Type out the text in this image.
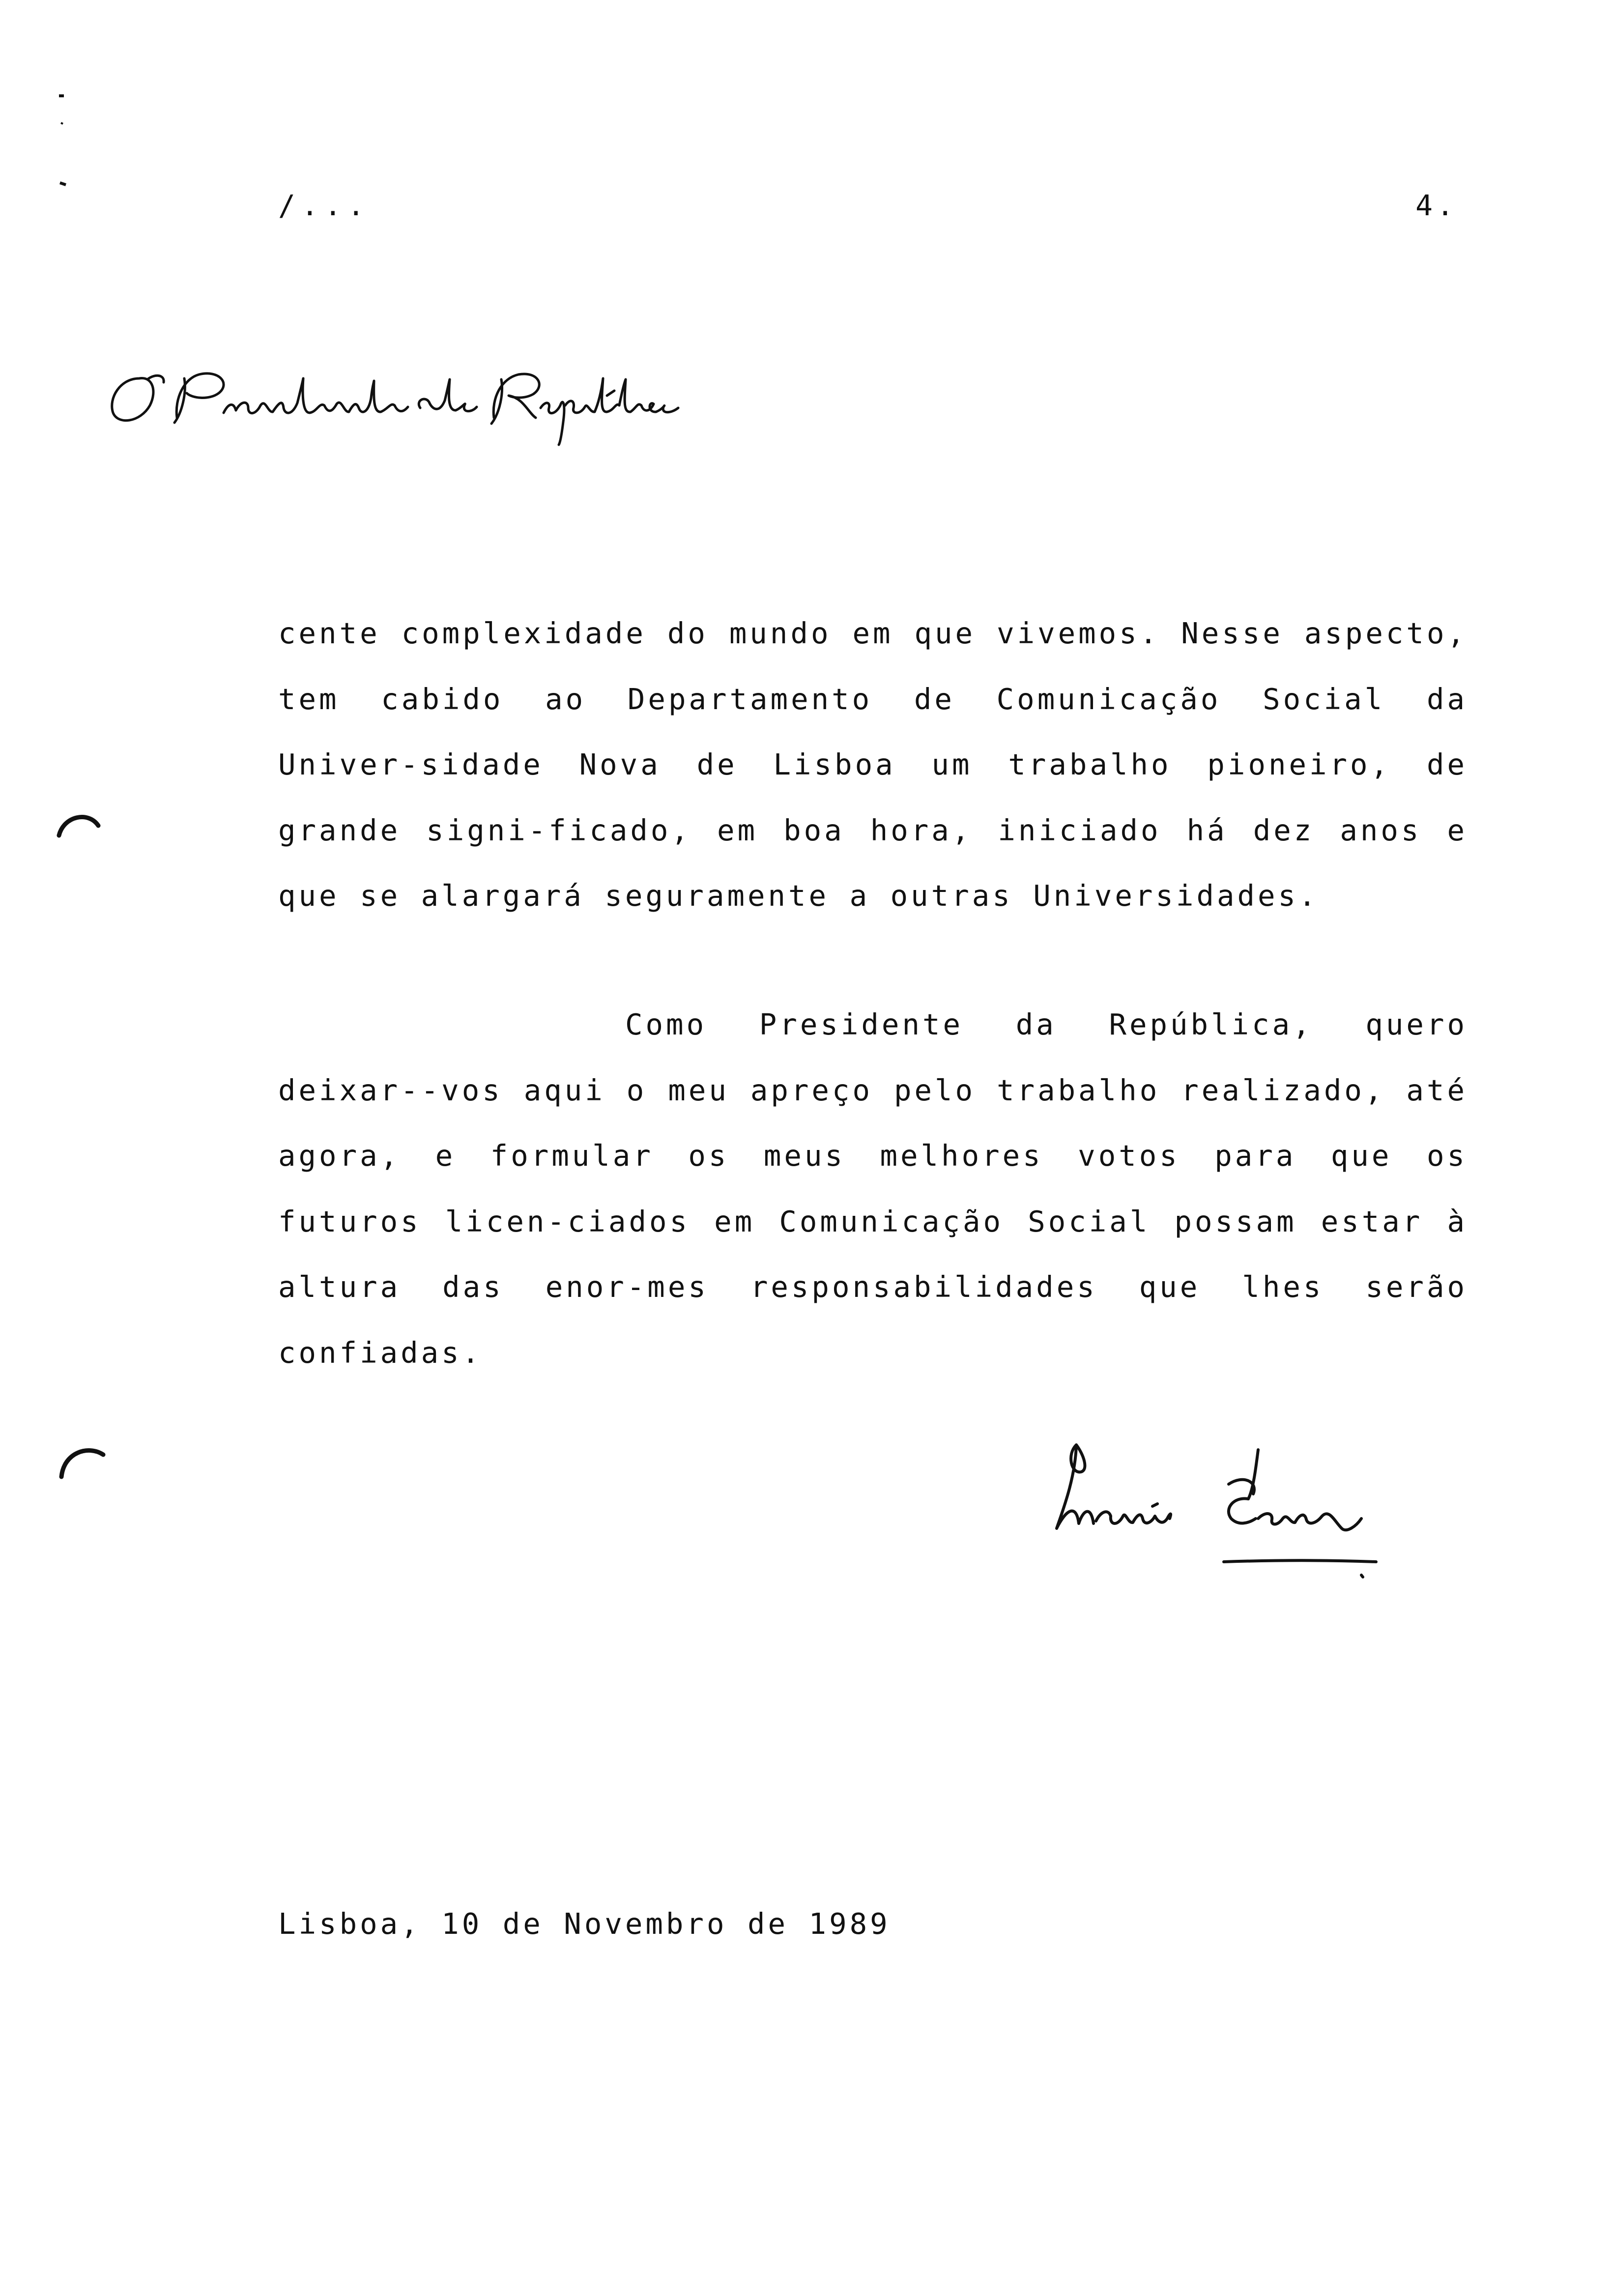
/...	4.

cente complexidade do mundo em que vivemos. Nesse aspecto, tem cabido ao Departamento de Comunicação Social da Univer-sidade Nova de Lisboa um trabalho pioneiro, de grande signi-ficado, em boa hora, iniciado há dez anos e que se alargará seguramente a outras Universidades.

Como Presidente da República, quero deixar--vos aqui o meu apreço pelo trabalho realizado, até agora, e formular os meus melhores votos para que os futuros licen-ciados em Comunicação Social possam estar à altura das enor-mes responsabilidades que lhes serão confiadas.

Lisboa, 10 de Novembro de 1989
